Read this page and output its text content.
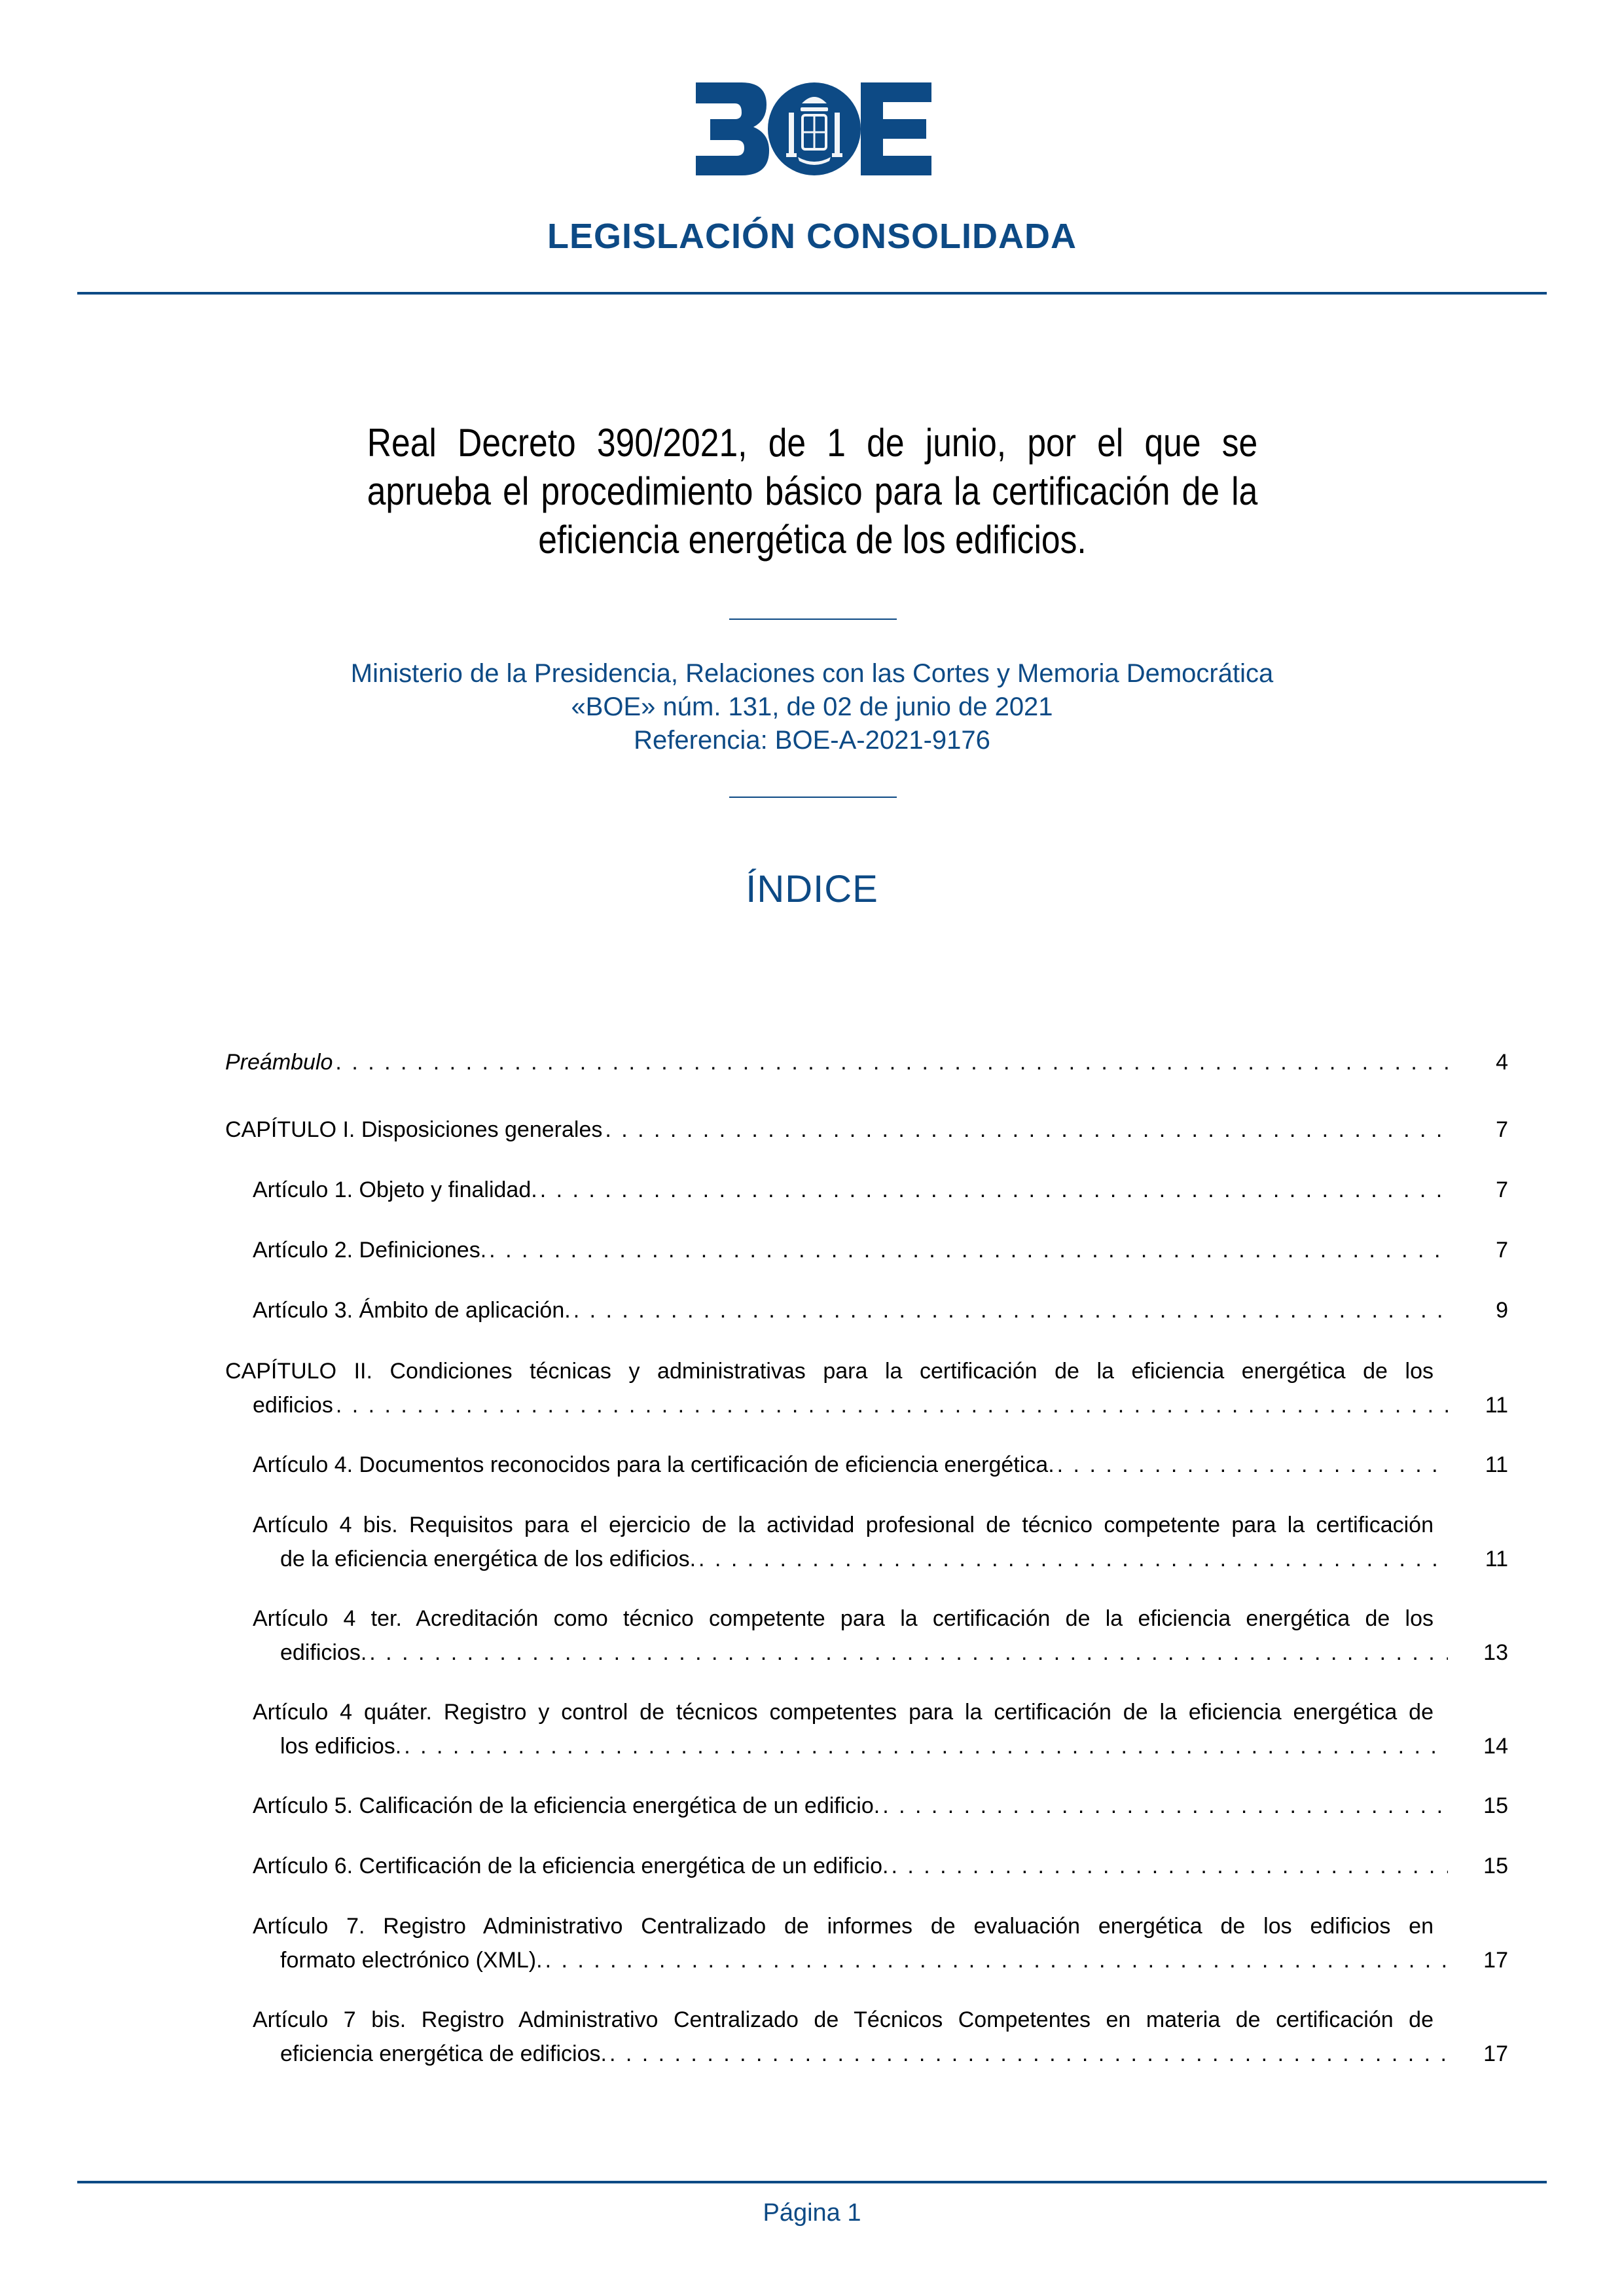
LEGISLACIÓN CONSOLIDADA
Real Decreto 390/2021, de 1 de junio, por el que se aprueba el procedimiento básico para la certificación de la eficiencia energética de los edificios.
Ministerio de la Presidencia, Relaciones con las Cortes y Memoria Democrática
«BOE» núm. 131, de 02 de junio de 2021
Referencia: BOE-A-2021-9176
ÍNDICE
Preámbulo . . .	4
CAPÍTULO I. Disposiciones generales . . .	7
Artículo 1. Objeto y finalidad. . . .	7
Artículo 2. Definiciones. . . .	7
Artículo 3. Ámbito de aplicación. . . .	9
CAPÍTULO II. Condiciones técnicas y administrativas para la certificación de la eficiencia energética de los
edificios . . .	11
Artículo 4. Documentos reconocidos para la certificación de eficiencia energética. . . .	11
Artículo 4 bis. Requisitos para el ejercicio de la actividad profesional de técnico competente para la certificación
de la eficiencia energética de los edificios. . . .	11
Artículo 4 ter. Acreditación como técnico competente para la certificación de la eficiencia energética de los
edificios. . . .	13
Artículo 4 quáter. Registro y control de técnicos competentes para la certificación de la eficiencia energética de
los edificios. . . .	14
Artículo 5. Calificación de la eficiencia energética de un edificio. . . .	15
Artículo 6. Certificación de la eficiencia energética de un edificio. . . .	15
Artículo 7. Registro Administrativo Centralizado de informes de evaluación energética de los edificios en
formato electrónico (XML). . . .	17
Artículo 7 bis. Registro Administrativo Centralizado de Técnicos Competentes en materia de certificación de
eficiencia energética de edificios. . . .	17
Página 1
